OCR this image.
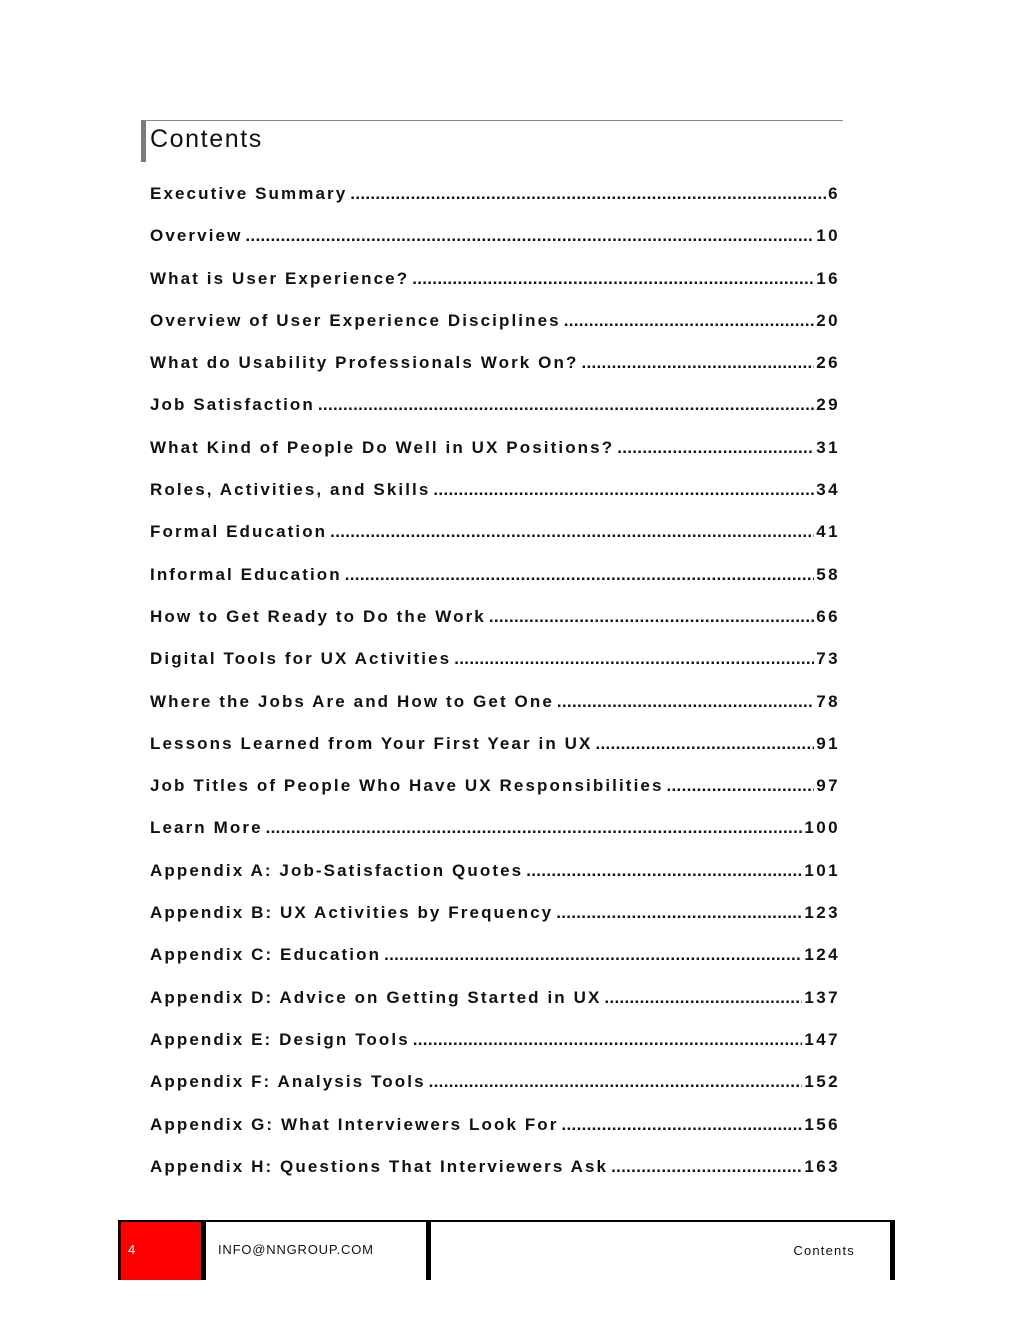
Contents
Executive Summary .....	6
Overview .....	10
What is User Experience? .....	16
Overview of User Experience Disciplines .....	20
What do Usability Professionals Work On? .....	26
Job Satisfaction .....	29
What Kind of People Do Well in UX Positions? .....	31
Roles, Activities, and Skills .....	34
Formal Education .....	41
Informal Education .....	58
How to Get Ready to Do the Work .....	66
Digital Tools for UX Activities .....	73
Where the Jobs Are and How to Get One .....	78
Lessons Learned from Your First Year in UX .....	91
Job Titles of People Who Have UX Responsibilities .....	97
Learn More .....	100
Appendix A: Job-Satisfaction Quotes .....	101
Appendix B: UX Activities by Frequency .....	123
Appendix C: Education .....	124
Appendix D: Advice on Getting Started in UX .....	137
Appendix E: Design Tools .....	147
Appendix F: Analysis Tools .....	152
Appendix G: What Interviewers Look For .....	156
Appendix H: Questions That Interviewers Ask .....	163
4	INFO@NNGROUP.COM	Contents
